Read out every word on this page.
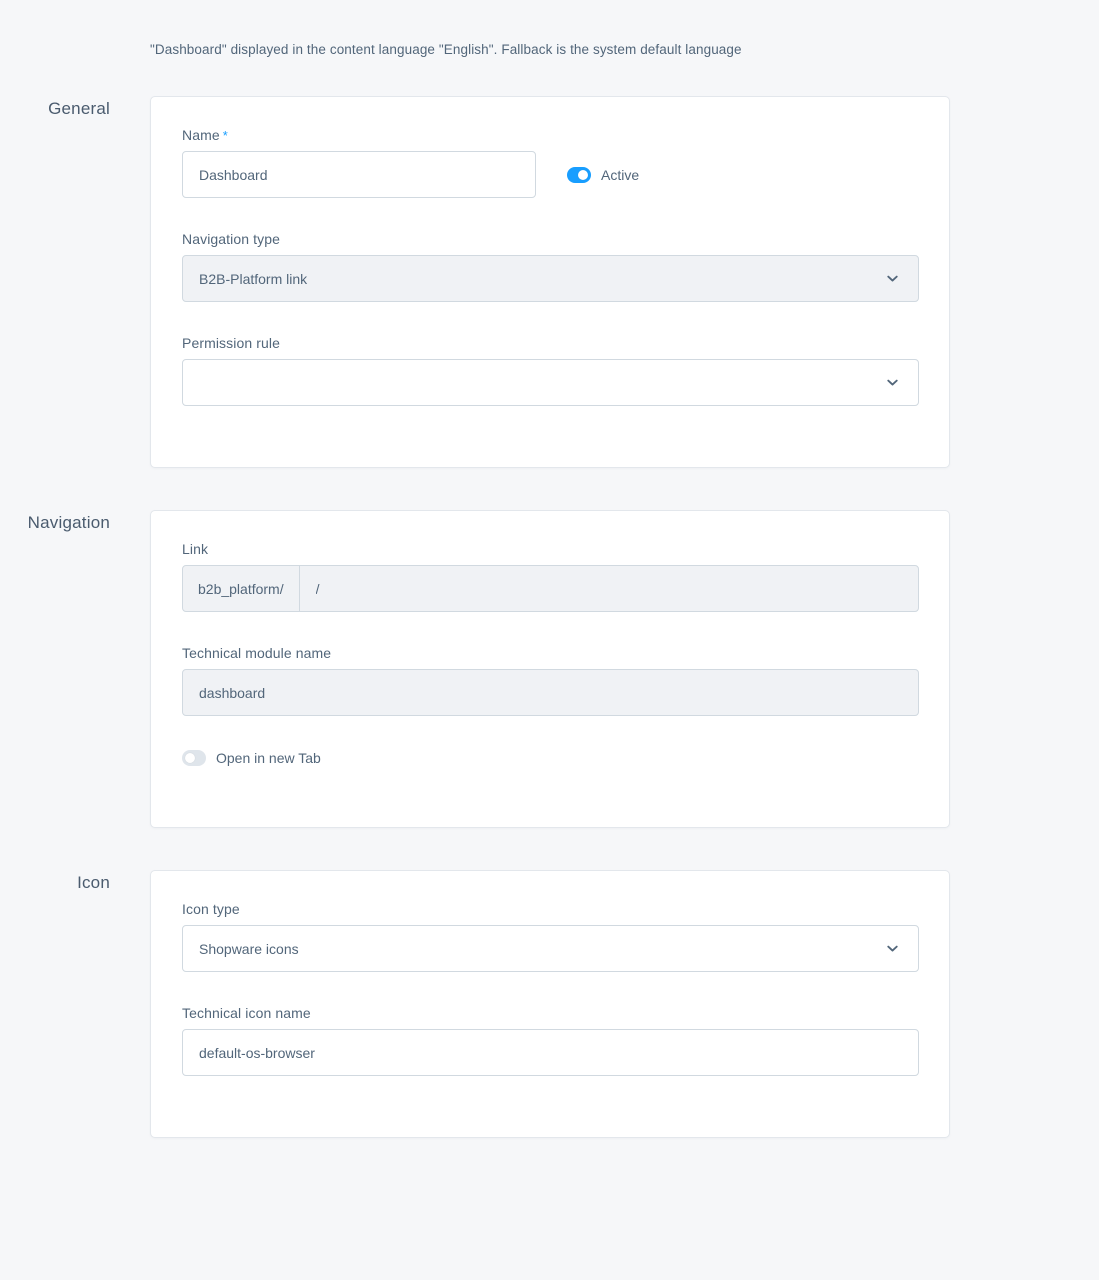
"Dashboard" displayed in the content language "English". Fallback is the system default language
General
Name *
Dashboard
Active
Navigation type
B2B-Platform link
Permission rule
Navigation
Link
b2b_platform/
/
Technical module name
dashboard
Open in new Tab
Icon
Icon type
Shopware icons
Technical icon name
default-os-browser
